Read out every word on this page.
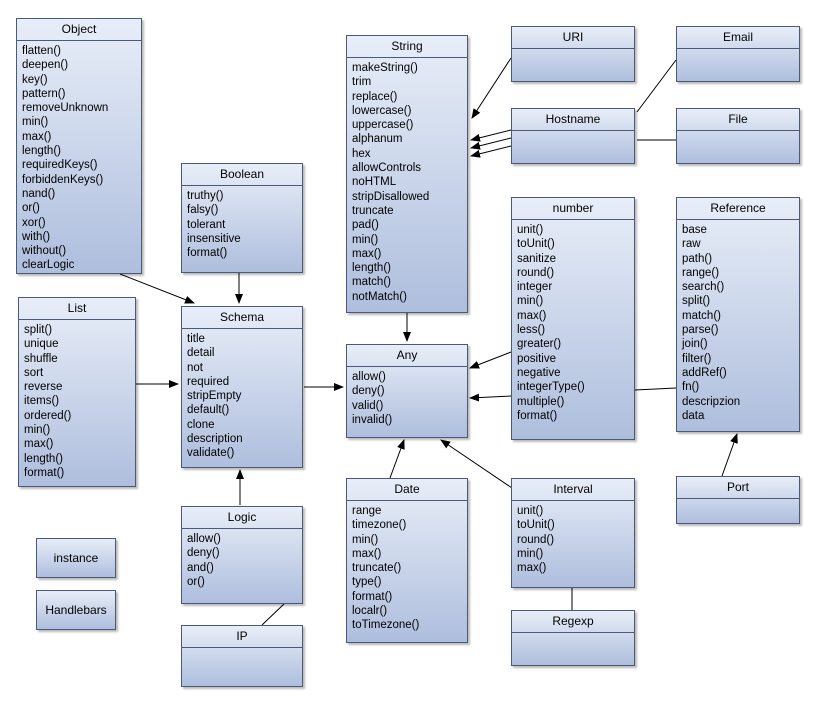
Object
flatten()
deepen()
key()
pattern()
removeUnknown
min()
max()
length()
requiredKeys()
forbiddenKeys()
nand()
or()
xor()
with()
without()
clearLogic
Boolean
truthy()
falsy()
tolerant
insensitive
format()
String
makeString()
trim
replace()
lowercase()
uppercase()
alphanum
hex
allowControls
noHTML
stripDisallowed
truncate
pad()
min()
max()
length()
match()
notMatch()
URI	Email
Hostname	File
number
unit()
toUnit()
sanitize
round()
integer
min()
max()
less()
greater()
positive
negative
integerType()
multiple()
format()
Reference
base
raw
path()
range()
search()
split()
match()
parse()
join()
filter()
addRef()
fn()
descripzion
data
List
split()
unique
shuffle
sort
reverse
items()
ordered()
min()
max()
length()
format()
Schema
title
detail
not
required
stripEmpty
default()
clone
description
validate()
Any
allow()
deny()
valid()
invalid()
Logic
allow()
deny()
and()
or()
Date
range
timezone()
min()
max()
truncate()
type()
format()
localr()
toTimezone()
Interval
unit()
toUnit()
round()
min()
max()
Port
Regexp
IP
instance
Handlebars
